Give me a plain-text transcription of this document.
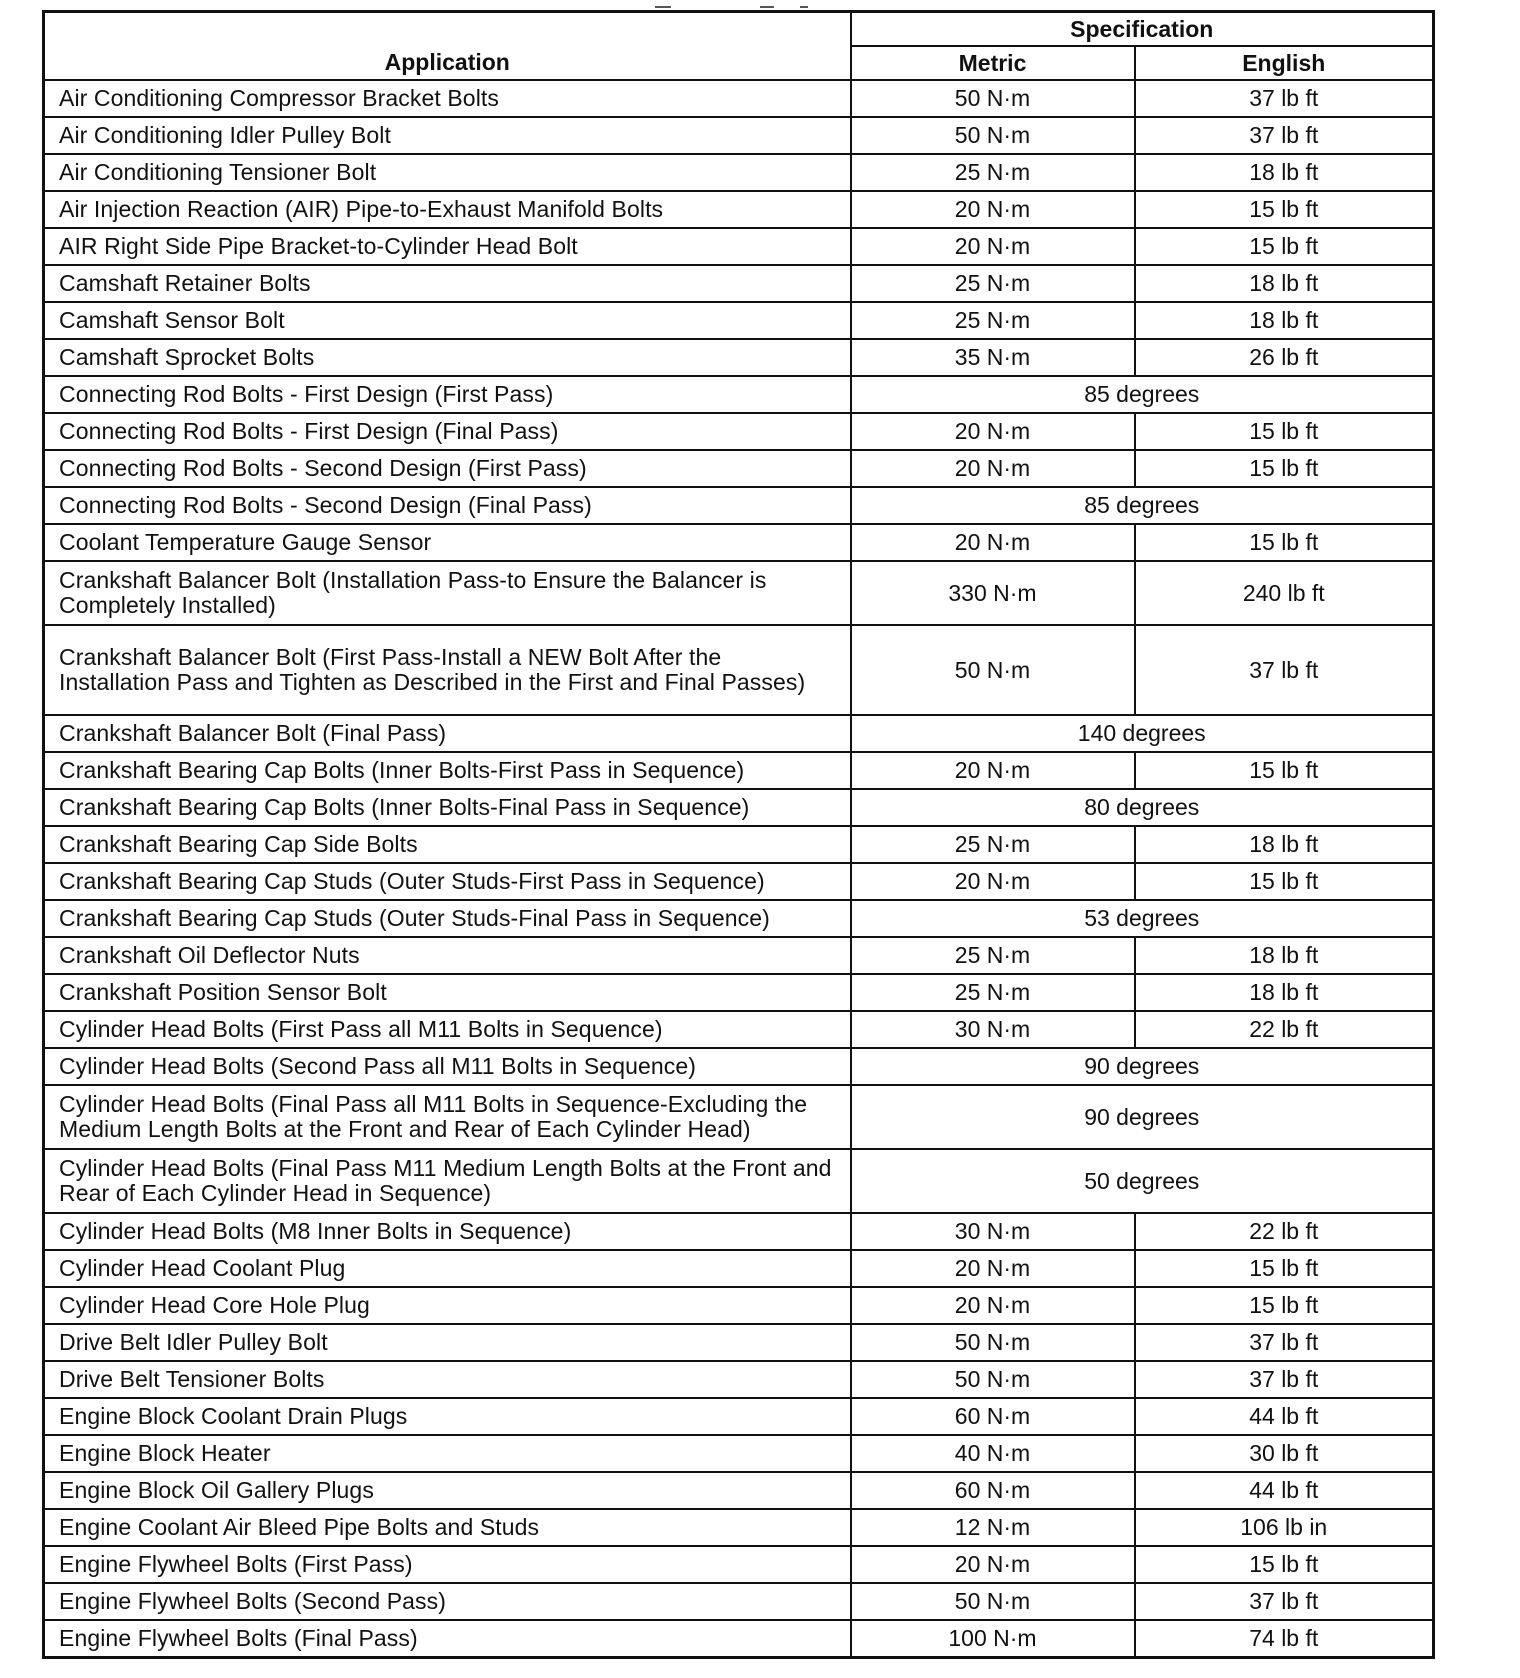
Application	Specification	
	Metric	English
Air Conditioning Compressor Bracket Bolts	50 N·m	37 lb ft
Air Conditioning Idler Pulley Bolt	50 N·m	37 lb ft
Air Conditioning Tensioner Bolt	25 N·m	18 lb ft
Air Injection Reaction (AIR) Pipe-to-Exhaust Manifold Bolts	20 N·m	15 lb ft
AIR Right Side Pipe Bracket-to-Cylinder Head Bolt	20 N·m	15 lb ft
Camshaft Retainer Bolts	25 N·m	18 lb ft
Camshaft Sensor Bolt	25 N·m	18 lb ft
Camshaft Sprocket Bolts	35 N·m	26 lb ft
Connecting Rod Bolts - First Design (First Pass)	85 degrees	
Connecting Rod Bolts - First Design (Final Pass)	20 N·m	15 lb ft
Connecting Rod Bolts - Second Design (First Pass)	20 N·m	15 lb ft
Connecting Rod Bolts - Second Design (Final Pass)	85 degrees	
Coolant Temperature Gauge Sensor	20 N·m	15 lb ft
Crankshaft Balancer Bolt (Installation Pass-to Ensure the Balancer is Completely Installed)	330 N·m	240 lb ft
Crankshaft Balancer Bolt (First Pass-Install a NEW Bolt After the Installation Pass and Tighten as Described in the First and Final Passes)	50 N·m	37 lb ft
Crankshaft Balancer Bolt (Final Pass)	140 degrees	
Crankshaft Bearing Cap Bolts (Inner Bolts-First Pass in Sequence)	20 N·m	15 lb ft
Crankshaft Bearing Cap Bolts (Inner Bolts-Final Pass in Sequence)	80 degrees	
Crankshaft Bearing Cap Side Bolts	25 N·m	18 lb ft
Crankshaft Bearing Cap Studs (Outer Studs-First Pass in Sequence)	20 N·m	15 lb ft
Crankshaft Bearing Cap Studs (Outer Studs-Final Pass in Sequence)	53 degrees	
Crankshaft Oil Deflector Nuts	25 N·m	18 lb ft
Crankshaft Position Sensor Bolt	25 N·m	18 lb ft
Cylinder Head Bolts (First Pass all M11 Bolts in Sequence)	30 N·m	22 lb ft
Cylinder Head Bolts (Second Pass all M11 Bolts in Sequence)	90 degrees	
Cylinder Head Bolts (Final Pass all M11 Bolts in Sequence-Excluding the Medium Length Bolts at the Front and Rear of Each Cylinder Head)	90 degrees	
Cylinder Head Bolts (Final Pass M11 Medium Length Bolts at the Front and Rear of Each Cylinder Head in Sequence)	50 degrees	
Cylinder Head Bolts (M8 Inner Bolts in Sequence)	30 N·m	22 lb ft
Cylinder Head Coolant Plug	20 N·m	15 lb ft
Cylinder Head Core Hole Plug	20 N·m	15 lb ft
Drive Belt Idler Pulley Bolt	50 N·m	37 lb ft
Drive Belt Tensioner Bolts	50 N·m	37 lb ft
Engine Block Coolant Drain Plugs	60 N·m	44 lb ft
Engine Block Heater	40 N·m	30 lb ft
Engine Block Oil Gallery Plugs	60 N·m	44 lb ft
Engine Coolant Air Bleed Pipe Bolts and Studs	12 N·m	106 lb in
Engine Flywheel Bolts (First Pass)	20 N·m	15 lb ft
Engine Flywheel Bolts (Second Pass)	50 N·m	37 lb ft
Engine Flywheel Bolts (Final Pass)	100 N·m	74 lb ft
